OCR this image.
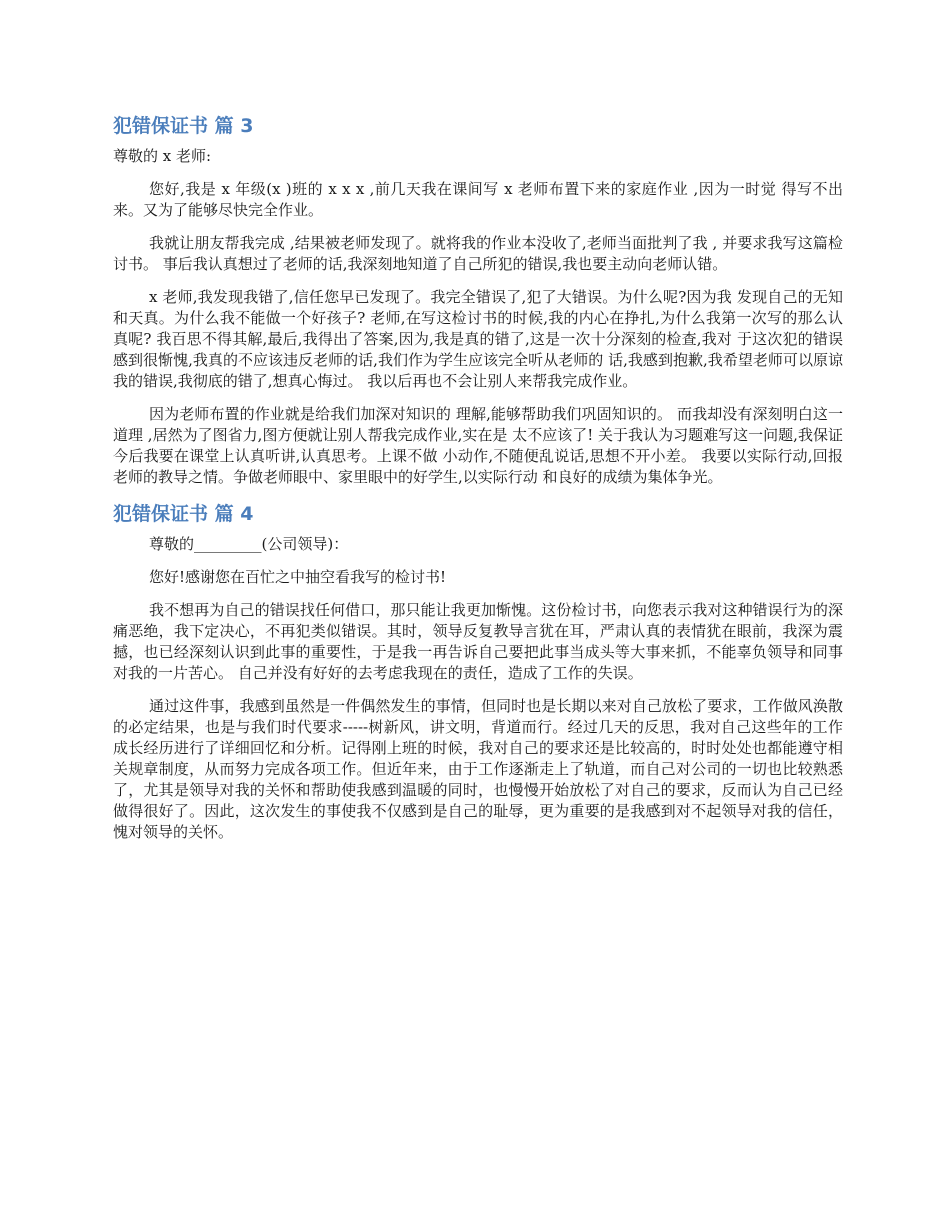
犯错保证书 篇 3

尊敬的 x 老师:

您好,我是 x 年级(x )班的 x x x ,前几天我在课间写 x 老师布置下来的家庭作业 ,因为一时觉 得写不出来。又为了能够尽快完全作业。

我就让朋友帮我完成 ,结果被老师发现了。就将我的作业本没收了,老师当面批判了我 , 并要求我写这篇检讨书。 事后我认真想过了老师的话,我深刻地知道了自己所犯的错误,我也要主动向老师认错。

x 老师,我发现我错了,信任您早已发现了。我完全错误了,犯了大错误。为什么呢?因为我 发现自己的无知和天真。为什么我不能做一个好孩子? 老师,在写这检讨书的时候,我的内心在挣扎,为什么我第一次写的那么认真呢? 我百思不得其解,最后,我得出了答案,因为,我是真的错了,这是一次十分深刻的检查,我对 于这次犯的错误感到很惭愧,我真的不应该违反老师的话,我们作为学生应该完全听从老师的 话,我感到抱歉,我希望老师可以原谅我的错误,我彻底的错了,想真心悔过。 我以后再也不会让别人来帮我完成作业。

因为老师布置的作业就是给我们加深对知识的 理解,能够帮助我们巩固知识的。 而我却没有深刻明白这一道理 ,居然为了图省力,图方便就让别人帮我完成作业,实在是 太不应该了! 关于我认为习题难写这一问题,我保证今后我要在课堂上认真听讲,认真思考。上课不做 小动作,不随便乱说话,思想不开小差。 我要以实际行动,回报老师的教导之情。争做老师眼中、家里眼中的好学生,以实际行动 和良好的成绩为集体争光。

犯错保证书 篇 4

尊敬的_________(公司领导)：

您好!感谢您在百忙之中抽空看我写的检讨书!

我不想再为自己的错误找任何借口，那只能让我更加惭愧。这份检讨书，向您表示我对这种错误行为的深痛恶绝，我下定决心，不再犯类似错误。其时，领导反复教导言犹在耳，严肃认真的表情犹在眼前，我深为震撼，也已经深刻认识到此事的重要性，于是我一再告诉自己要把此事当成头等大事来抓，不能辜负领导和同事对我的一片苦心。 自己并没有好好的去考虑我现在的责任，造成了工作的失误。

通过这件事，我感到虽然是一件偶然发生的事情，但同时也是长期以来对自己放松了要求，工作做风涣散的必定结果，也是与我们时代要求-----树新风，讲文明，背道而行。经过几天的反思，我对自己这些年的工作成长经历进行了详细回忆和分析。记得刚上班的时候，我对自己的要求还是比较高的，时时处处也都能遵守相关规章制度，从而努力完成各项工作。但近年来，由于工作逐渐走上了轨道，而自己对公司的一切也比较熟悉了，尤其是领导对我的关怀和帮助使我感到温暖的同时，也慢慢开始放松了对自己的要求，反而认为自己已经做得很好了。因此，这次发生的事使我不仅感到是自己的耻辱，更为重要的是我感到对不起领导对我的信任，愧对领导的关怀。
